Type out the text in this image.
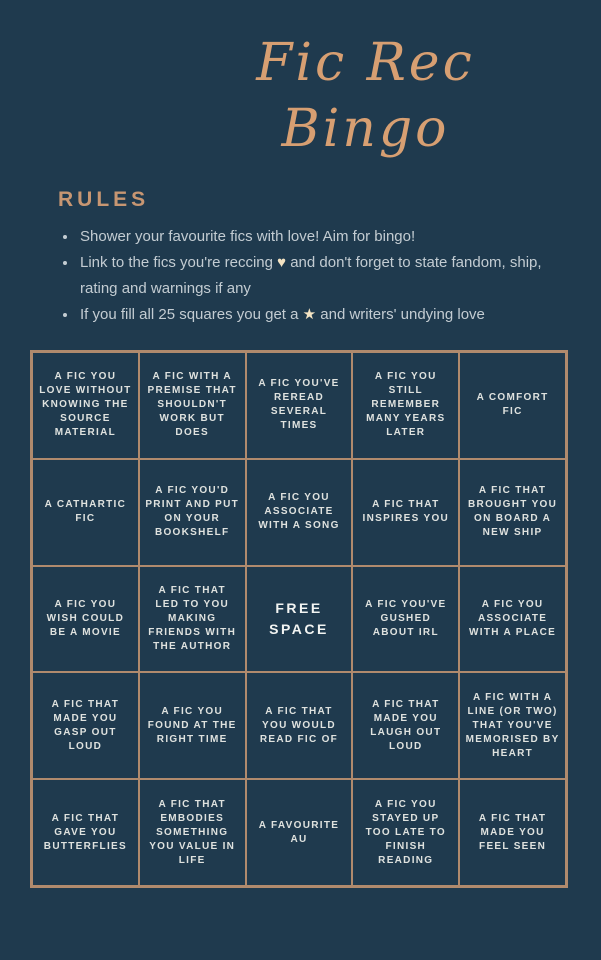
Fic Rec
Bingo
RULES
• Shower your favourite fics with love! Aim for bingo!
• Link to the fics you're reccing ♥ and don't forget to state fandom, ship, rating and warnings if any
• If you fill all 25 squares you get a ★ and writers' undying love
A FIC YOU LOVE WITHOUT KNOWING THE SOURCE MATERIAL
A FIC WITH A PREMISE THAT SHOULDN'T WORK BUT DOES
A FIC YOU'VE REREAD SEVERAL TIMES
A FIC YOU STILL REMEMBER MANY YEARS LATER
A COMFORT FIC
A CATHARTIC FIC
A FIC YOU'D PRINT AND PUT ON YOUR BOOKSHELF
A FIC YOU ASSOCIATE WITH A SONG
A FIC THAT INSPIRES YOU
A FIC THAT BROUGHT YOU ON BOARD A NEW SHIP
A FIC YOU WISH COULD BE A MOVIE
A FIC THAT LED TO YOU MAKING FRIENDS WITH THE AUTHOR
FREE SPACE
A FIC YOU'VE GUSHED ABOUT IRL
A FIC YOU ASSOCIATE WITH A PLACE
A FIC THAT MADE YOU GASP OUT LOUD
A FIC YOU FOUND AT THE RIGHT TIME
A FIC THAT YOU WOULD READ FIC OF
A FIC THAT MADE YOU LAUGH OUT LOUD
A FIC WITH A LINE (OR TWO) THAT YOU'VE MEMORISED BY HEART
A FIC THAT GAVE YOU BUTTERFLIES
A FIC THAT EMBODIES SOMETHING YOU VALUE IN LIFE
A FAVOURITE AU
A FIC YOU STAYED UP TOO LATE TO FINISH READING
A FIC THAT MADE YOU FEEL SEEN
